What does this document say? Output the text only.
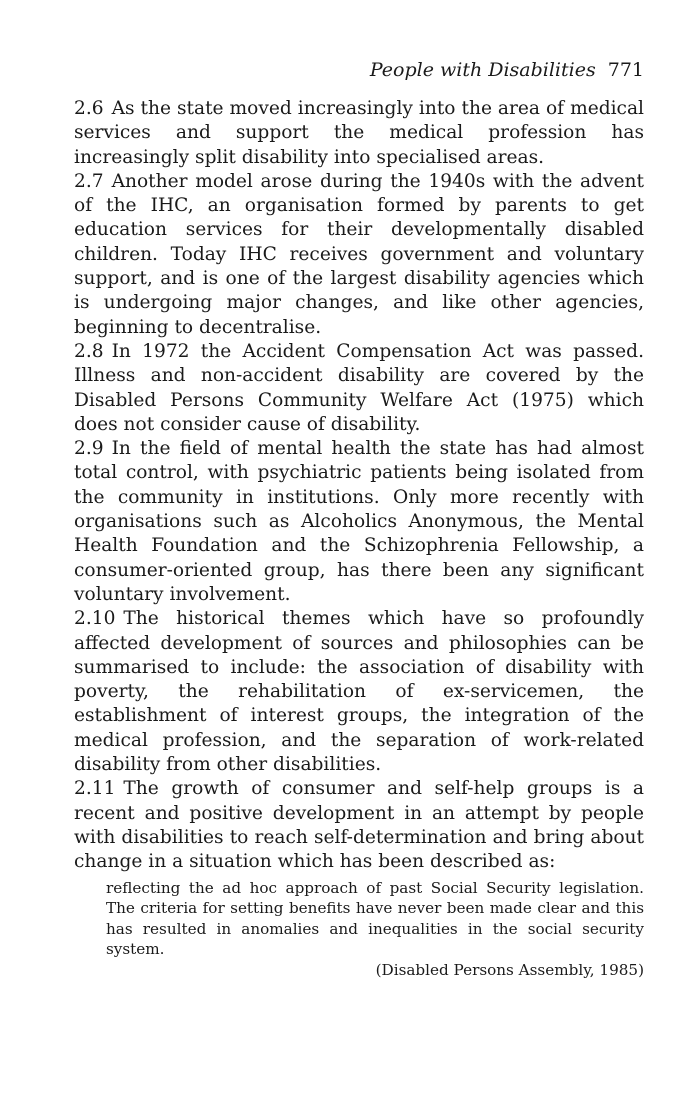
People with Disabilities 771

2.6 As the state moved increasingly into the area of medical services and support the medical profession has increasingly split disability into specialised areas.

2.7 Another model arose during the 1940s with the advent of the IHC, an organisation formed by parents to get education services for their developmentally disabled children. Today IHC receives government and voluntary support, and is one of the largest disability agencies which is undergoing major changes, and like other agencies, beginning to decentralise.

2.8 In 1972 the Accident Compensation Act was passed. Illness and non-accident disability are covered by the Disabled Persons Community Welfare Act (1975) which does not consider cause of disability.

2.9 In the field of mental health the state has had almost total control, with psychiatric patients being isolated from the community in institutions. Only more recently with organisations such as Alcoholics Anonymous, the Mental Health Foundation and the Schizophrenia Fellowship, a consumer-oriented group, has there been any significant voluntary involvement.

2.10 The historical themes which have so profoundly affected development of sources and philosophies can be summarised to include: the association of disability with poverty, the rehabilitation of ex-servicemen, the establishment of interest groups, the integration of the medical profession, and the separation of work-related disability from other disabilities.

2.11 The growth of consumer and self-help groups is a recent and positive development in an attempt by people with disabilities to reach self-determination and bring about change in a situation which has been described as:

reflecting the ad hoc approach of past Social Security legislation. The criteria for setting benefits have never been made clear and this has resulted in anomalies and inequalities in the social security system.

(Disabled Persons Assembly, 1985)
